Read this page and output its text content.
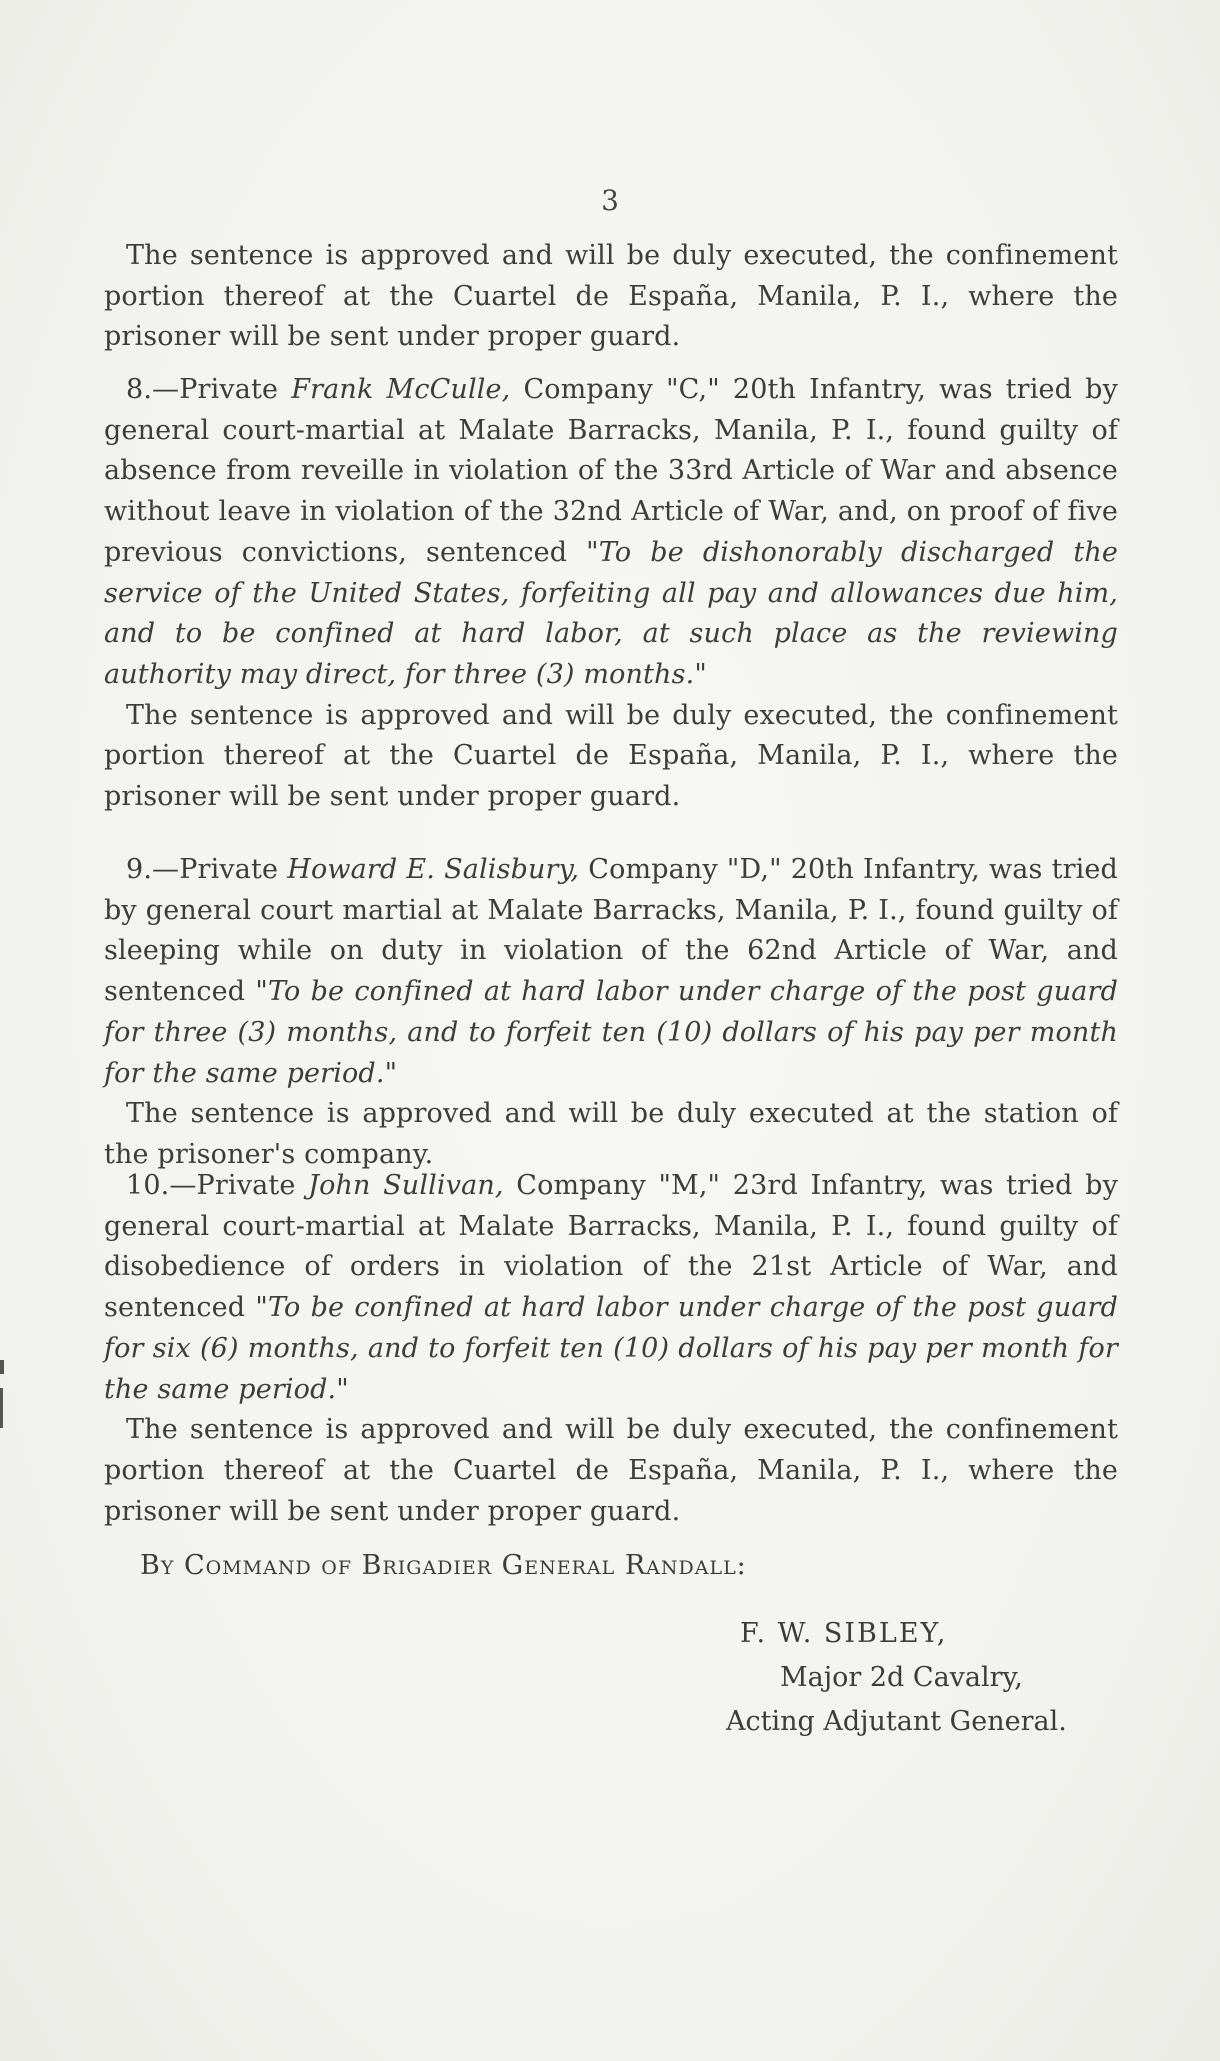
3

The sentence is approved and will be duly executed, the confinement portion thereof at the Cuartel de España, Manila, P. I., where the prisoner will be sent under proper guard.

8.—Private Frank McCulle, Company "C," 20th Infantry, was tried by general court-martial at Malate Barracks, Manila, P. I., found guilty of absence from reveille in violation of the 33rd Article of War and absence without leave in violation of the 32nd Article of War, and, on proof of five previous convictions, sentenced "To be dishonorably discharged the service of the United States, forfeiting all pay and allowances due him, and to be confined at hard labor, at such place as the reviewing authority may direct, for three (3) months."

The sentence is approved and will be duly executed, the confinement portion thereof at the Cuartel de España, Manila, P. I., where the prisoner will be sent under proper guard.

9.—Private Howard E. Salisbury, Company "D," 20th Infantry, was tried by general court martial at Malate Barracks, Manila, P. I., found guilty of sleeping while on duty in violation of the 62nd Article of War, and sentenced "To be confined at hard labor under charge of the post guard for three (3) months, and to forfeit ten (10) dollars of his pay per month for the same period."

The sentence is approved and will be duly executed at the station of the prisoner's company.

10.—Private John Sullivan, Company "M," 23rd Infantry, was tried by general court-martial at Malate Barracks, Manila, P. I., found guilty of disobedience of orders in violation of the 21st Article of War, and sentenced "To be confined at hard labor under charge of the post guard for six (6) months, and to forfeit ten (10) dollars of his pay per month for the same period."

The sentence is approved and will be duly executed, the confinement portion thereof at the Cuartel de España, Manila, P. I., where the prisoner will be sent under proper guard.

By Command of Brigadier General Randall:
F. W. SIBLEY,
Major 2d Cavalry,
Acting Adjutant General.
